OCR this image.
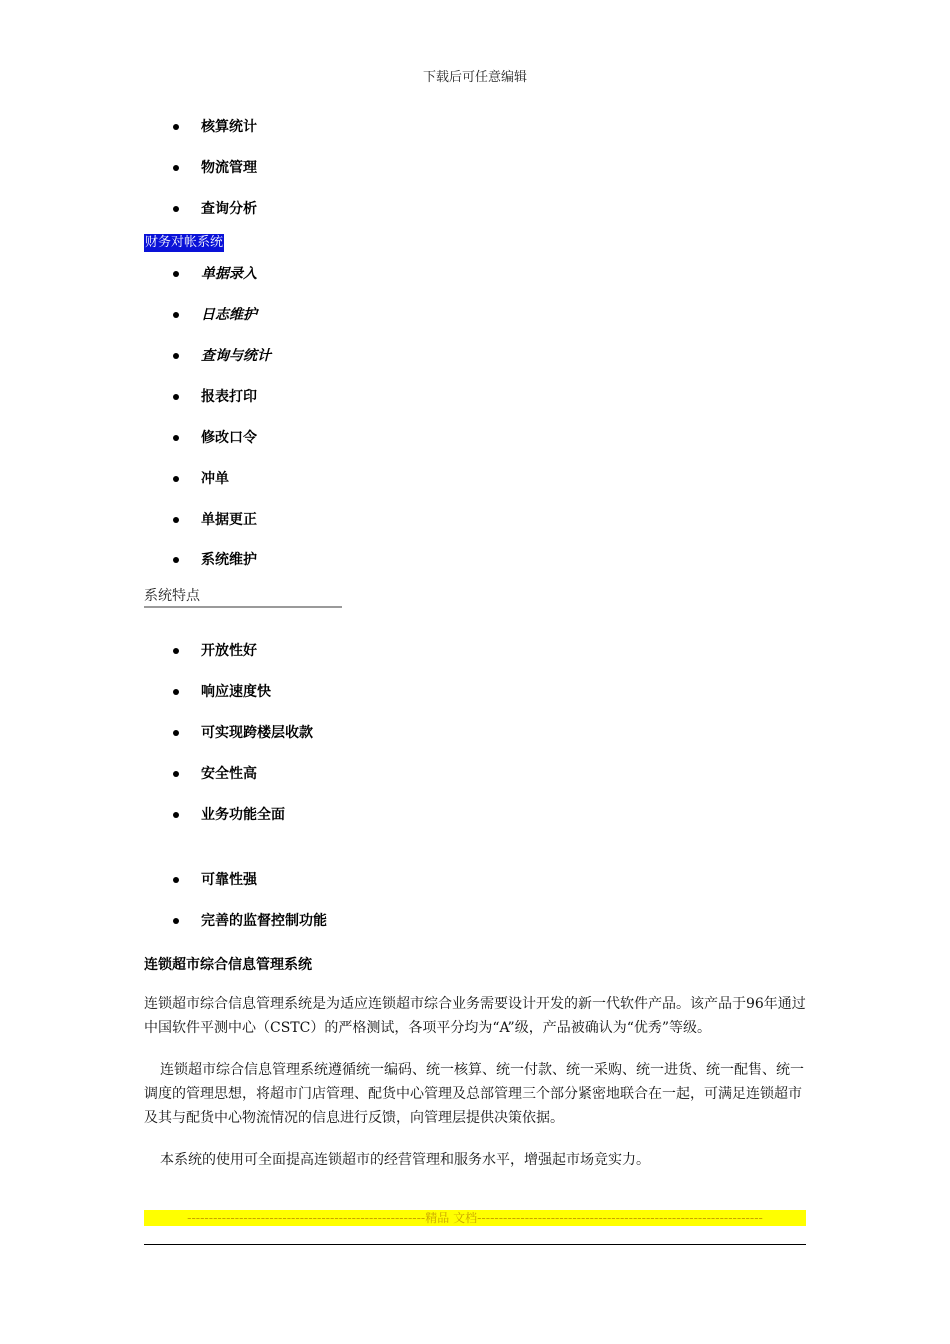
下载后可任意编辑
核算统计
物流管理
查询分析
财务对帐系统
单据录入
日志维护
查询与统计
报表打印
修改口令
冲单
单据更正
系统维护
系统特点
开放性好
响应速度快
可实现跨楼层收款
安全性高
业务功能全面
可靠性强
完善的监督控制功能
连锁超市综合信息管理系统

连锁超市综合信息管理系统是为适应连锁超市综合业务需要设计开发的新一代软件产品。该产品于96年通过中国软件平测中心（CSTC）的严格测试，各项平分均为“A”级，产品被确认为“优秀”等级。

连锁超市综合信息管理系统遵循统一编码、统一核算、统一付款、统一采购、统一进货、统一配售、统一调度的管理思想，将超市门店管理、配货中心管理及总部管理三个部分紧密地联合在一起，可满足连锁超市及其与配货中心物流情况的信息进行反馈，向管理层提供决策依据。

本系统的使用可全面提高连锁超市的经营管理和服务水平，增强起市场竞实力。

-------------------------------------------------------精品 文档------------------------------------------------------------------
